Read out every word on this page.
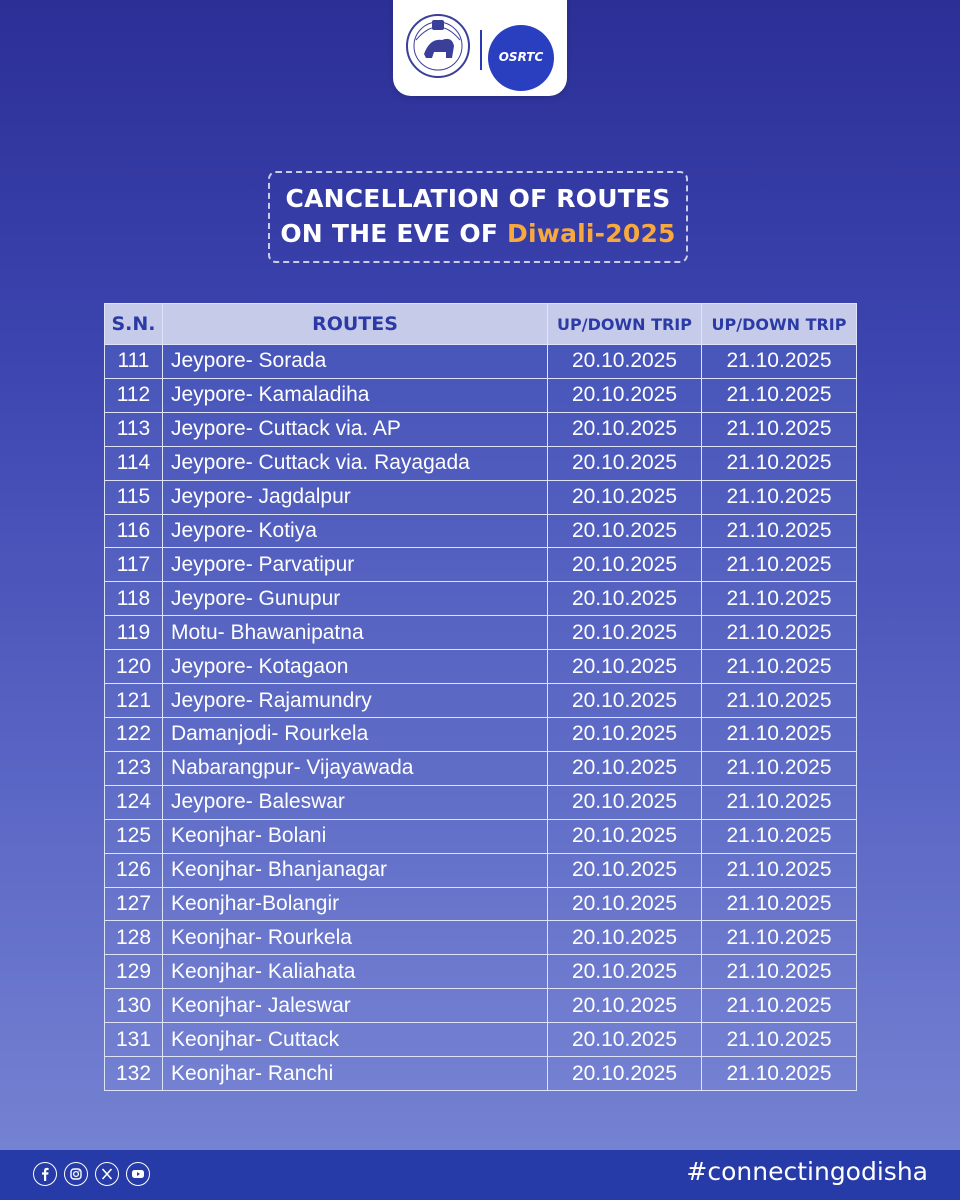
OSRTC
CANCELLATION OF ROUTES
ON THE EVE OF Diwali-2025
S.N.	ROUTES	UP/DOWN TRIP	UP/DOWN TRIP
111	Jeypore- Sorada	20.10.2025	21.10.2025
112	Jeypore- Kamaladiha	20.10.2025	21.10.2025
113	Jeypore- Cuttack via. AP	20.10.2025	21.10.2025
114	Jeypore- Cuttack via. Rayagada	20.10.2025	21.10.2025
115	Jeypore- Jagdalpur	20.10.2025	21.10.2025
116	Jeypore- Kotiya	20.10.2025	21.10.2025
117	Jeypore- Parvatipur	20.10.2025	21.10.2025
118	Jeypore- Gunupur	20.10.2025	21.10.2025
119	Motu- Bhawanipatna	20.10.2025	21.10.2025
120	Jeypore- Kotagaon	20.10.2025	21.10.2025
121	Jeypore- Rajamundry	20.10.2025	21.10.2025
122	Damanjodi- Rourkela	20.10.2025	21.10.2025
123	Nabarangpur- Vijayawada	20.10.2025	21.10.2025
124	Jeypore- Baleswar	20.10.2025	21.10.2025
125	Keonjhar- Bolani	20.10.2025	21.10.2025
126	Keonjhar- Bhanjanagar	20.10.2025	21.10.2025
127	Keonjhar-Bolangir	20.10.2025	21.10.2025
128	Keonjhar- Rourkela	20.10.2025	21.10.2025
129	Keonjhar- Kaliahata	20.10.2025	21.10.2025
130	Keonjhar- Jaleswar	20.10.2025	21.10.2025
131	Keonjhar- Cuttack	20.10.2025	21.10.2025
132	Keonjhar- Ranchi	20.10.2025	21.10.2025
#connectingodisha
